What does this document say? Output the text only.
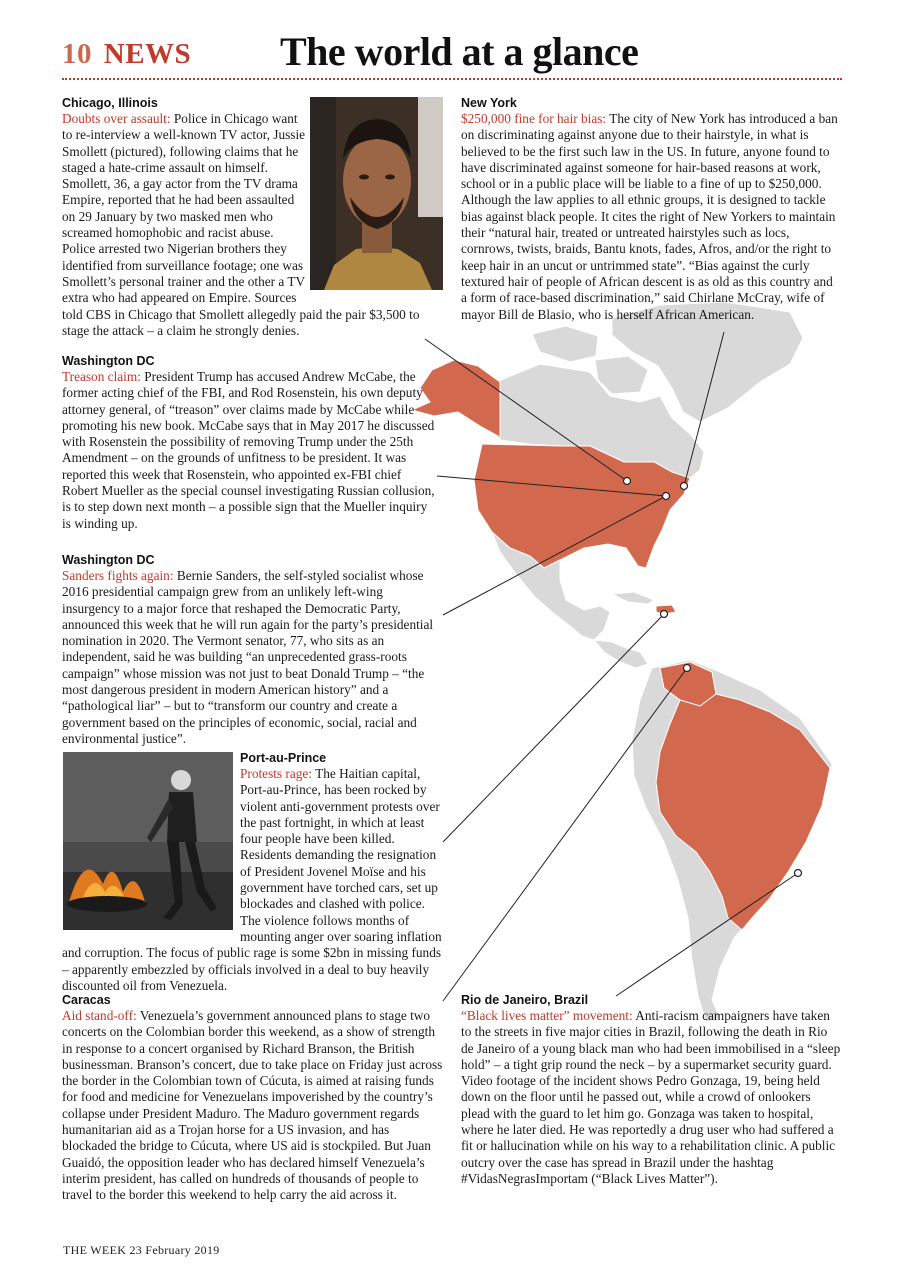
10 NEWS The world at a glance
Chicago, Illinois
Doubts over assault: Police in Chicago want to re-interview a well-known TV actor, Jussie Smollett (pictured), following claims that he staged a hate-crime assault on himself. Smollett, 36, a gay actor from the TV drama Empire, reported that he had been assaulted on 29 January by two masked men who screamed homophobic and racist abuse. Police arrested two Nigerian brothers they identified from surveillance footage; one was Smollett’s personal trainer and the other a TV extra who had appeared on Empire. Sources told CBS in Chicago that Smollett allegedly paid the pair $3,500 to stage the attack – a claim he strongly denies.
New York
$250,000 fine for hair bias: The city of New York has introduced a ban on discriminating against anyone due to their hairstyle, in what is believed to be the first such law in the US. In future, anyone found to have discriminated against someone for hair-based reasons at work, school or in a public place will be liable to a fine of up to $250,000. Although the law applies to all ethnic groups, it is designed to tackle bias against black people. It cites the right of New Yorkers to maintain their “natural hair, treated or untreated hairstyles such as locs, cornrows, twists, braids, Bantu knots, fades, Afros, and/or the right to keep hair in an uncut or untrimmed state”. “Bias against the curly textured hair of people of African descent is as old as this country and a form of race-based discrimination,” said Chirlane McCray, wife of mayor Bill de Blasio, who is herself African American.
Washington DC
Treason claim: President Trump has accused Andrew McCabe, the former acting chief of the FBI, and Rod Rosenstein, his own deputy attorney general, of “treason” over claims made by McCabe while promoting his new book. McCabe says that in May 2017 he discussed with Rosenstein the possibility of removing Trump under the 25th Amendment – on the grounds of unfitness to be president. It was reported this week that Rosenstein, who appointed ex-FBI chief Robert Mueller as the special counsel investigating Russian collusion, is to step down next month – a possible sign that the Mueller inquiry is winding up.
Washington DC
Sanders fights again: Bernie Sanders, the self-styled socialist whose 2016 presidential campaign grew from an unlikely left-wing insurgency to a major force that reshaped the Democratic Party, announced this week that he will run again for the party’s presidential nomination in 2020. The Vermont senator, 77, who sits as an independent, said he was building “an unprecedented grass-roots campaign” whose mission was not just to beat Donald Trump – “the most dangerous president in modern American history” and a “pathological liar” – but to “transform our country and create a government based on the principles of economic, social, racial and environmental justice”.
Port-au-Prince
Protests rage: The Haitian capital, Port-au-Prince, has been rocked by violent anti-government protests over the past fortnight, in which at least four people have been killed. Residents demanding the resignation of President Jovenel Moïse and his government have torched cars, set up blockades and clashed with police. The violence follows months of mounting anger over soaring inflation and corruption. The focus of public rage is some $2bn in missing funds – apparently embezzled by officials involved in a deal to buy heavily discounted oil from Venezuela.
Caracas
Aid stand-off: Venezuela’s government announced plans to stage two concerts on the Colombian border this weekend, as a show of strength in response to a concert organised by Richard Branson, the British businessman. Branson’s concert, due to take place on Friday just across the border in the Colombian town of Cúcuta, is aimed at raising funds for food and medicine for Venezuelans impoverished by the country’s collapse under President Maduro. The Maduro government regards humanitarian aid as a Trojan horse for a US invasion, and has blockaded the bridge to Cúcuta, where US aid is stockpiled. But Juan Guaidó, the opposition leader who has declared himself Venezuela’s interim president, has called on hundreds of thousands of people to travel to the border this weekend to help carry the aid across it.
Rio de Janeiro, Brazil
“Black lives matter” movement: Anti-racism campaigners have taken to the streets in five major cities in Brazil, following the death in Rio de Janeiro of a young black man who had been immobilised in a “sleep hold” – a tight grip round the neck – by a supermarket security guard. Video footage of the incident shows Pedro Gonzaga, 19, being held down on the floor until he passed out, while a crowd of onlookers plead with the guard to let him go. Gonzaga was taken to hospital, where he later died. He was reportedly a drug user who had suffered a fit or hallucination while on his way to a rehabilitation clinic. A public outcry over the case has spread in Brazil under the hashtag #VidasNegrasImportam (“Black Lives Matter”).
THE WEEK 23 February 2019
